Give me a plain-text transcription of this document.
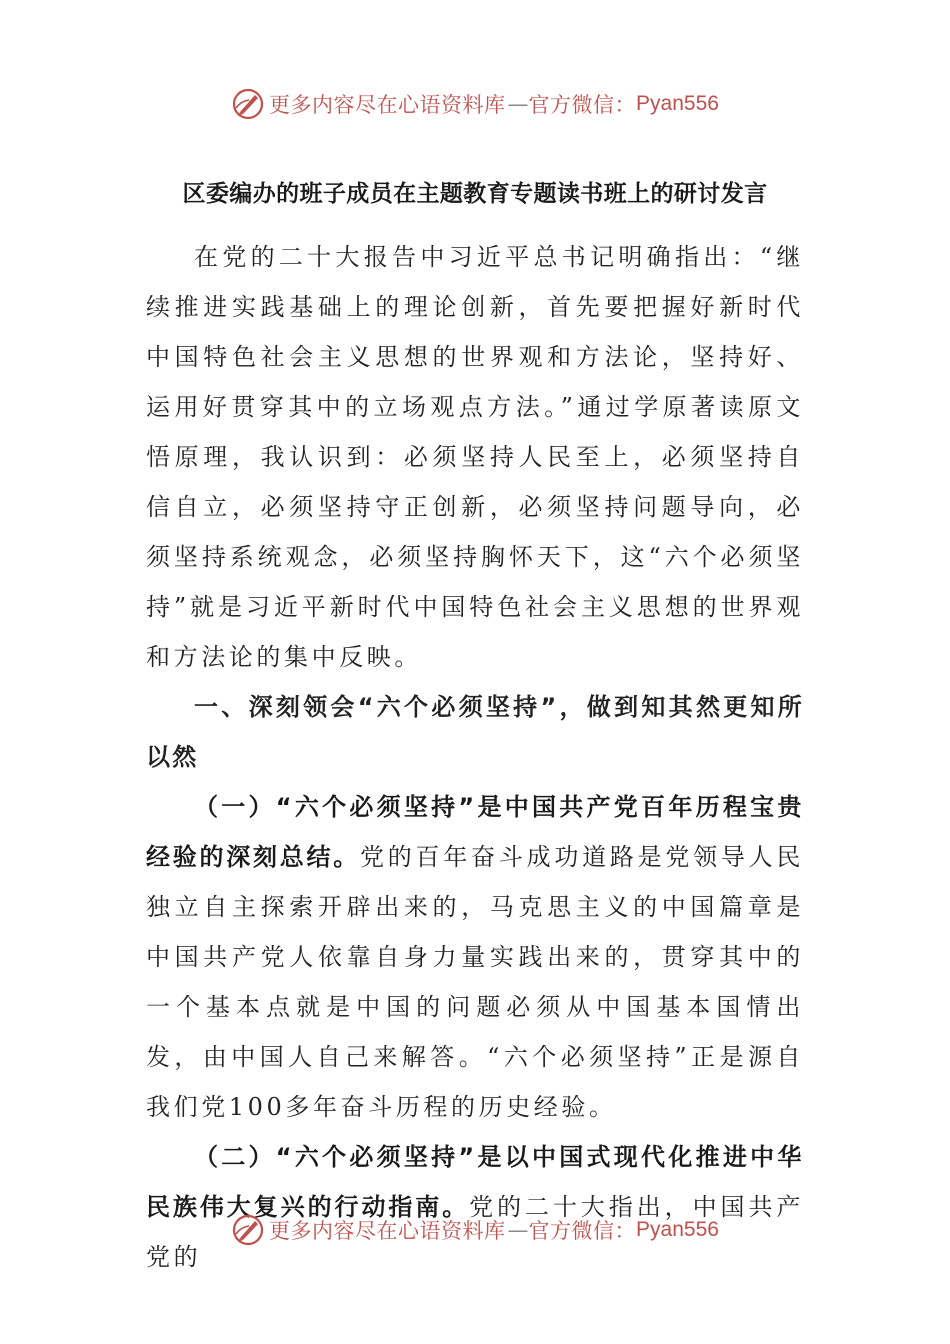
更多内容尽在心语资料库 — 官方微信： Pyan556
区委编办的班子成员在主题教育专题读书班上的研讨发言

在党的二十大报告中习近平总书记明确指出：“继续推进实践基础上的理论创新，首先要把握好新时代中国特色社会主义思想的世界观和方法论，坚持好、运用好贯穿其中的立场观点方法。”通过学原著读原文悟原理，我认识到：必须坚持人民至上，必须坚持自信自立，必须坚持守正创新，必须坚持问题导向，必须坚持系统观念，必须坚持胸怀天下，这“六个必须坚持”就是习近平新时代中国特色社会主义思想的世界观和方法论的集中反映。

一、深刻领会“六个必须坚持”，做到知其然更知所以然

（一）“六个必须坚持”是中国共产党百年历程宝贵经验的深刻总结。党的百年奋斗成功道路是党领导人民独立自主探索开辟出来的，马克思主义的中国篇章是中国共产党人依靠自身力量实践出来的，贯穿其中的一个基本点就是中国的问题必须从中国基本国情出发，由中国人自己来解答。“六个必须坚持”正是源自我们党100多年奋斗历程的历史经验。

（二）“六个必须坚持”是以中国式现代化推进中华民族伟大复兴的行动指南。党的二十大指出，中国共产党的

更多内容尽在心语资料库 — 官方微信： Pyan556
